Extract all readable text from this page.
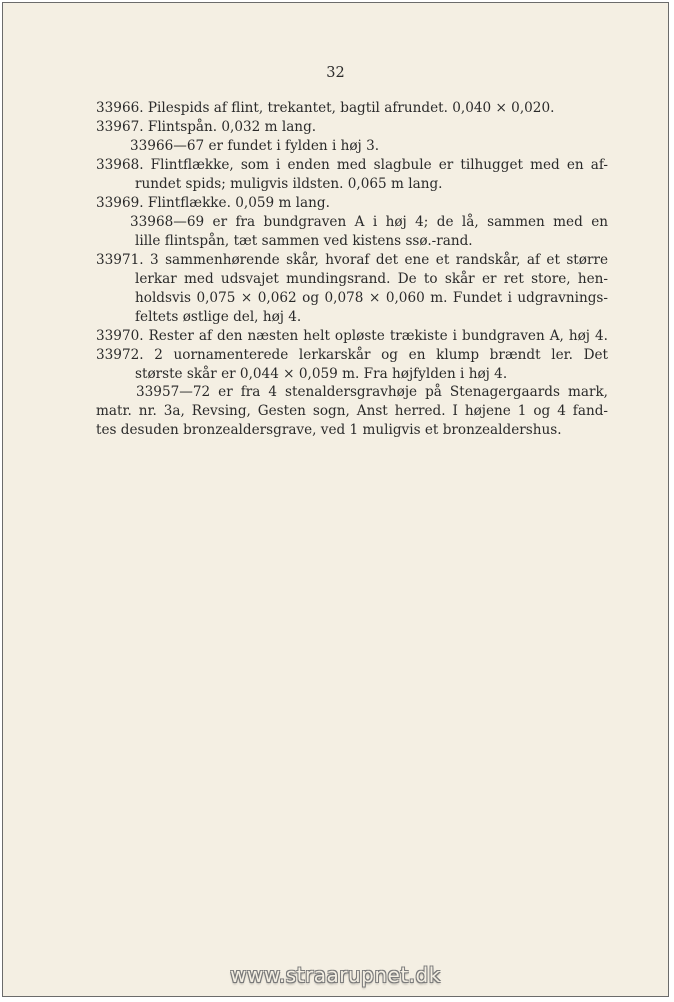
32
33966. Pilespids af flint, trekantet, bagtil afrundet. 0,040 × 0,020.
33967. Flintspån. 0,032 m lang.
33966—67 er fundet i fylden i høj 3.
33968. Flintflække, som i enden med slagbule er tilhugget med en af-
rundet spids; muligvis ildsten. 0,065 m lang.
33969. Flintflække. 0,059 m lang.
33968—69 er fra bundgraven A i høj 4; de lå, sammen med en
lille flintspån, tæt sammen ved kistens ssø.-rand.
33971. 3 sammenhørende skår, hvoraf det ene et randskår, af et større
lerkar med udsvajet mundingsrand. De to skår er ret store, hen-
holdsvis 0,075 × 0,062 og 0,078 × 0,060 m. Fundet i udgravnings-
feltets østlige del, høj 4.
33970. Rester af den næsten helt opløste trækiste i bundgraven A, høj 4.
33972. 2 uornamenterede lerkarskår og en klump brændt ler. Det
største skår er 0,044 × 0,059 m. Fra højfylden i høj 4.
33957—72 er fra 4 stenaldersgravhøje på Stenagergaards mark,
matr. nr. 3a, Revsing, Gesten sogn, Anst herred. I højene 1 og 4 fand-
tes desuden bronzealdersgrave, ved 1 muligvis et bronzealdershus.
www.straarupnet.dk
